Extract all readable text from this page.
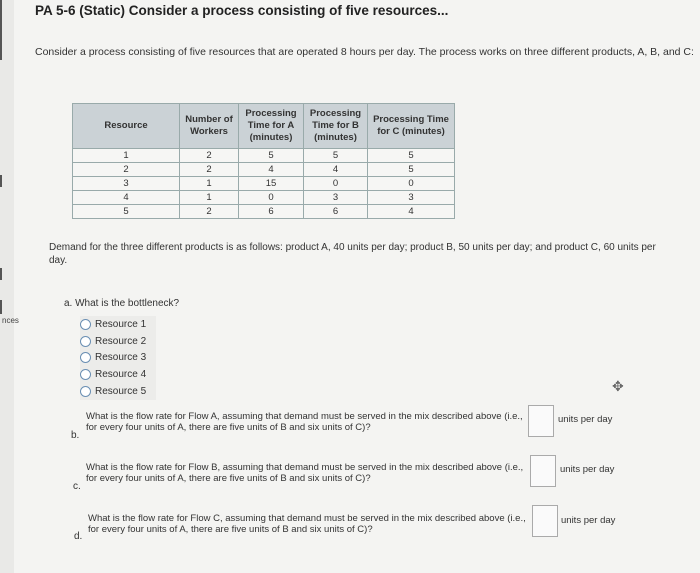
nces
PA 5-6 (Static) Consider a process consisting of five resources...
Consider a process consisting of five resources that are operated 8 hours per day. The process works on three different products, A, B, and C:
Resource	Number of Workers	Processing Time for A (minutes)	Processing Time for B (minutes)	Processing Time for C (minutes)
1	2	5	5	5
2	2	4	4	5
3	1	15	0	0
4	1	0	3	3
5	2	6	6	4
Demand for the three different products is as follows: product A, 40 units per day; product B, 50 units per day; and product C, 60 units per day.
a. What is the bottleneck?
Resource 1
Resource 2
Resource 3
Resource 4
Resource 5	✥
b.
What is the flow rate for Flow A, assuming that demand must be served in the mix described above (i.e., for every four units of A, there are five units of B and six units of C)?
units per day
c.
What is the flow rate for Flow B, assuming that demand must be served in the mix described above (i.e., for every four units of A, there are five units of B and six units of C)?
units per day
d.
What is the flow rate for Flow C, assuming that demand must be served in the mix described above (i.e., for every four units of A, there are five units of B and six units of C)?
units per day
